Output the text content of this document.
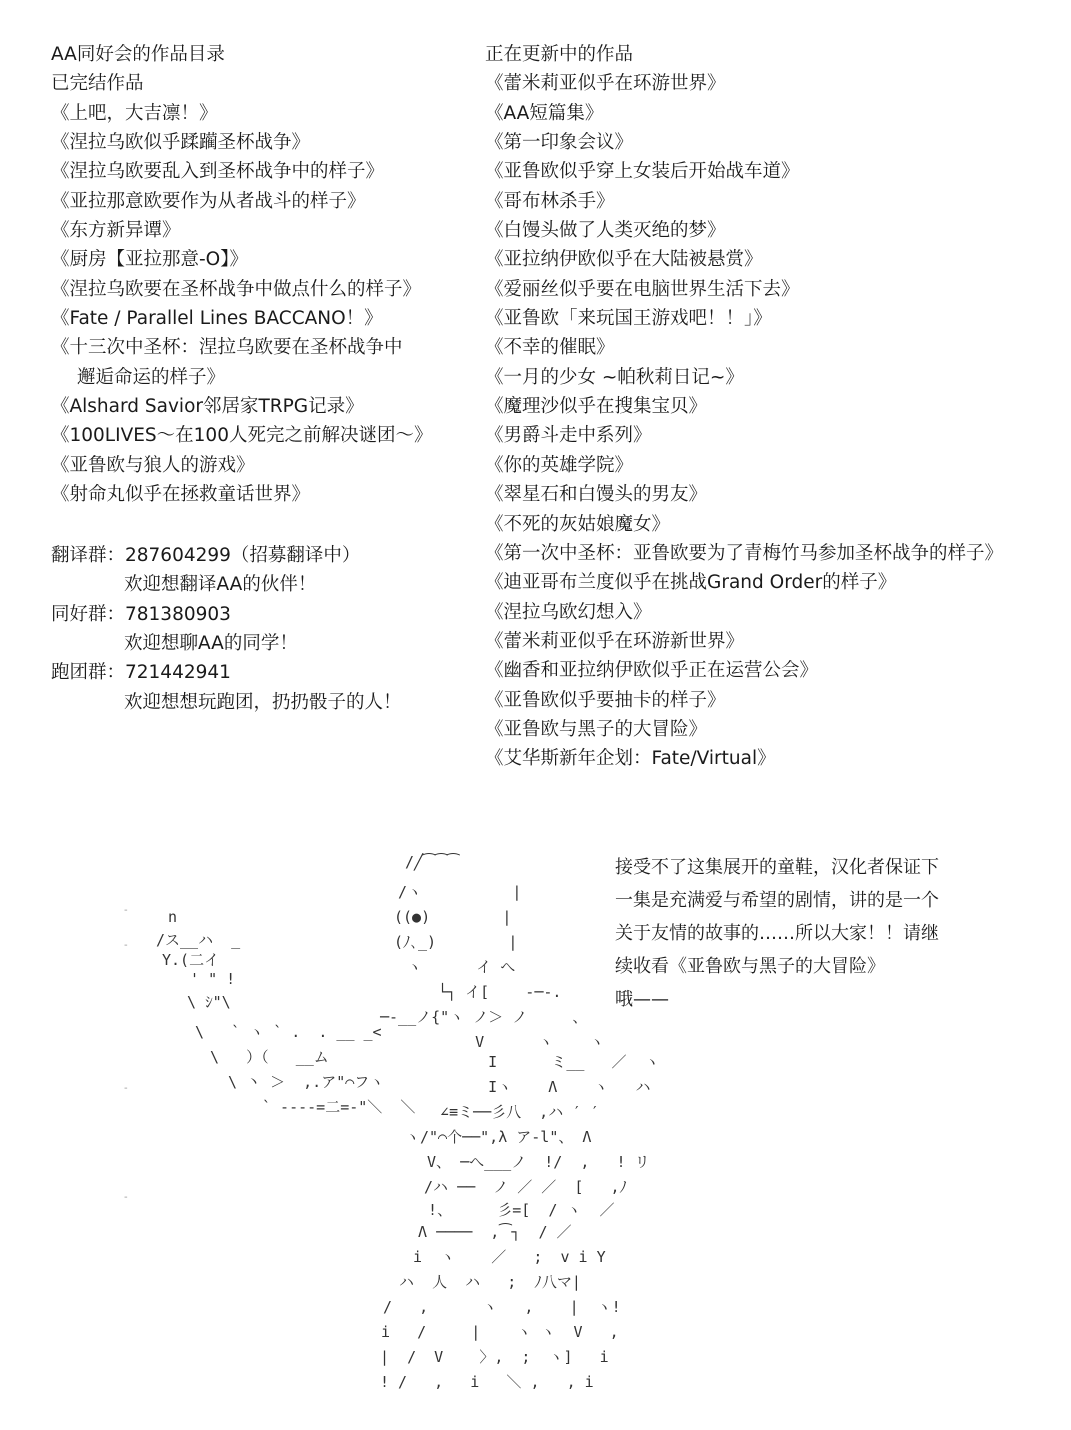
AA同好会的作品目录
已完结作品
《上吧，大吉凛！》
《涅拉乌欧似乎蹂躏圣杯战争》
《涅拉乌欧要乱入到圣杯战争中的样子》
《亚拉那意欧要作为从者战斗的样子》
《东方新异谭》
《厨房【亚拉那意-O】》
《涅拉乌欧要在圣杯战争中做点什么的样子》
《Fate / Parallel Lines BACCANO！》
《十三次中圣杯：涅拉乌欧要在圣杯战争中
邂逅命运的样子》
《Alshard Savior邻居家TRPG记录》
《100LIVES～在100人死完之前解决谜团～》
《亚鲁欧与狼人的游戏》
《射命丸似乎在拯救童话世界》
翻译群：287604299（招募翻译中）
欢迎想翻译AA的伙伴！
同好群：781380903
欢迎想聊AA的同学！
跑团群：721442941
欢迎想想玩跑团，扔扔骰子的人！
正在更新中的作品
《蕾米莉亚似乎在环游世界》
《AA短篇集》
《第一印象会议》
《亚鲁欧似乎穿上女装后开始战车道》
《哥布林杀手》
《白馒头做了人类灭绝的梦》
《亚拉纳伊欧似乎在大陆被悬赏》
《爱丽丝似乎要在电脑世界生活下去》
《亚鲁欧「来玩国王游戏吧！！」》
《不幸的催眠》
《一月的少女 ~帕秋莉日记~》
《魔理沙似乎在搜集宝贝》
《男爵斗走中系列》
《你的英雄学院》
《翠星石和白馒头的男友》
《不死的灰姑娘魔女》
《第一次中圣杯：亚鲁欧要为了青梅竹马参加圣杯战争的样子》
《迪亚哥布兰度似乎在挑战Grand Order的样子》
《涅拉乌欧幻想入》
《蕾米莉亚似乎在环游新世界》
《幽香和亚拉纳伊欧似乎正在运营公会》
《亚鲁欧似乎要抽卡的样子》
《亚鲁欧与黑子的大冒险》
《艾华斯新年企划：Fate/Virtual》
n
/ス__ハ  _
Y.(二イ
' " !
\ ｼ"\
\   ` ヽ ` .  . __ _<
\   ）（   __ム
\ 丶 ＞  ,.ア"⌒フヽ
` ----=二=-"＼  ＼
/╱⁀⁀⁀
/ヽ          |
((●)        |
(ﾉ､_)        |
ヽ      イ へ
└┐ イ[    ‐─‐.
─-__ノ{"ヽ ノ＞ ノ     、
V      ヽ    ヽ
I      ミ__   ／  ヽ
Iヽ    Λ    ヽ   ハ
∠≡ミ──彡八  ,ハ ′ ′
ヽ/"⌒个──",λ ア-l"、 Λ
V、 ─へ___ノ  !/  ,   ! リ
/ハ ──  ノ ／ ／  [   ,ﾉ
!、     彡=[  / ヽ  ／
Λ ────  ,⁀┐  / ／
i  ヽ    ／   ;  v i Y
ハ  人  ハ   ;  ﾉ八マ|
/   ,      ヽ   ,    |  ヽ!
i   /     |    ヽ ヽ  V   ,
|  /  V    〉,  ;  ヽ]   i
! /   ,   i   ＼ ,   , i
-
-
-
-
接受不了这集展开的童鞋，汉化者保证下
一集是充满爱与希望的剧情，讲的是一个
关于友情的故事的……所以大家！！请继
续收看《亚鲁欧与黑子的大冒险》
哦——
